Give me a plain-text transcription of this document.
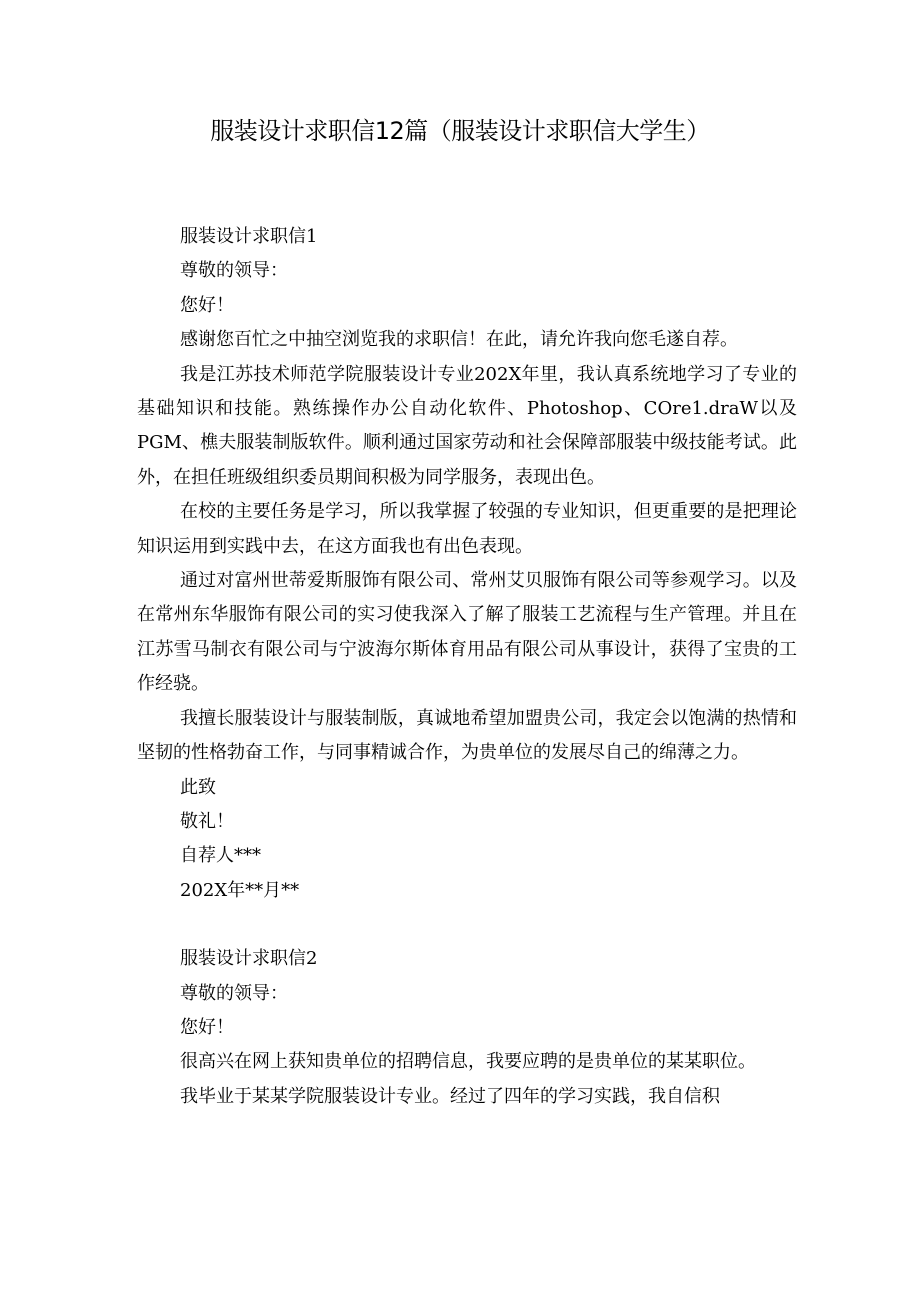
服装设计求职信12篇（服装设计求职信大学生）

服装设计求职信1

尊敬的领导：

您好！

感谢您百忙之中抽空浏览我的求职信！在此，请允许我向您毛遂自荐。

我是江苏技术师范学院服装设计专业202X年里，我认真系统地学习了专业的基础知识和技能。熟练操作办公自动化软件、Photoshop、COre1.draW以及PGM、樵夫服装制版软件。顺利通过国家劳动和社会保障部服装中级技能考试。此外，在担任班级组织委员期间积极为同学服务，表现出色。

在校的主要任务是学习，所以我掌握了较强的专业知识，但更重要的是把理论知识运用到实践中去，在这方面我也有出色表现。

通过对富州世蒂爱斯服饰有限公司、常州艾贝服饰有限公司等参观学习。以及在常州东华服饰有限公司的实习使我深入了解了服装工艺流程与生产管理。并且在江苏雪马制衣有限公司与宁波海尔斯体育用品有限公司从事设计，获得了宝贵的工作经骁。

我擅长服装设计与服装制版，真诚地希望加盟贵公司，我定会以饱满的热情和坚韧的性格勃奋工作，与同事精诚合作，为贵单位的发展尽自己的绵薄之力。

此致

敬礼！

自荐人***

202X年**月**

服装设计求职信2

尊敬的领导：

您好！

很高兴在网上获知贵单位的招聘信息，我要应聘的是贵单位的某某职位。

我毕业于某某学院服装设计专业。经过了四年的学习实践，我自信积
